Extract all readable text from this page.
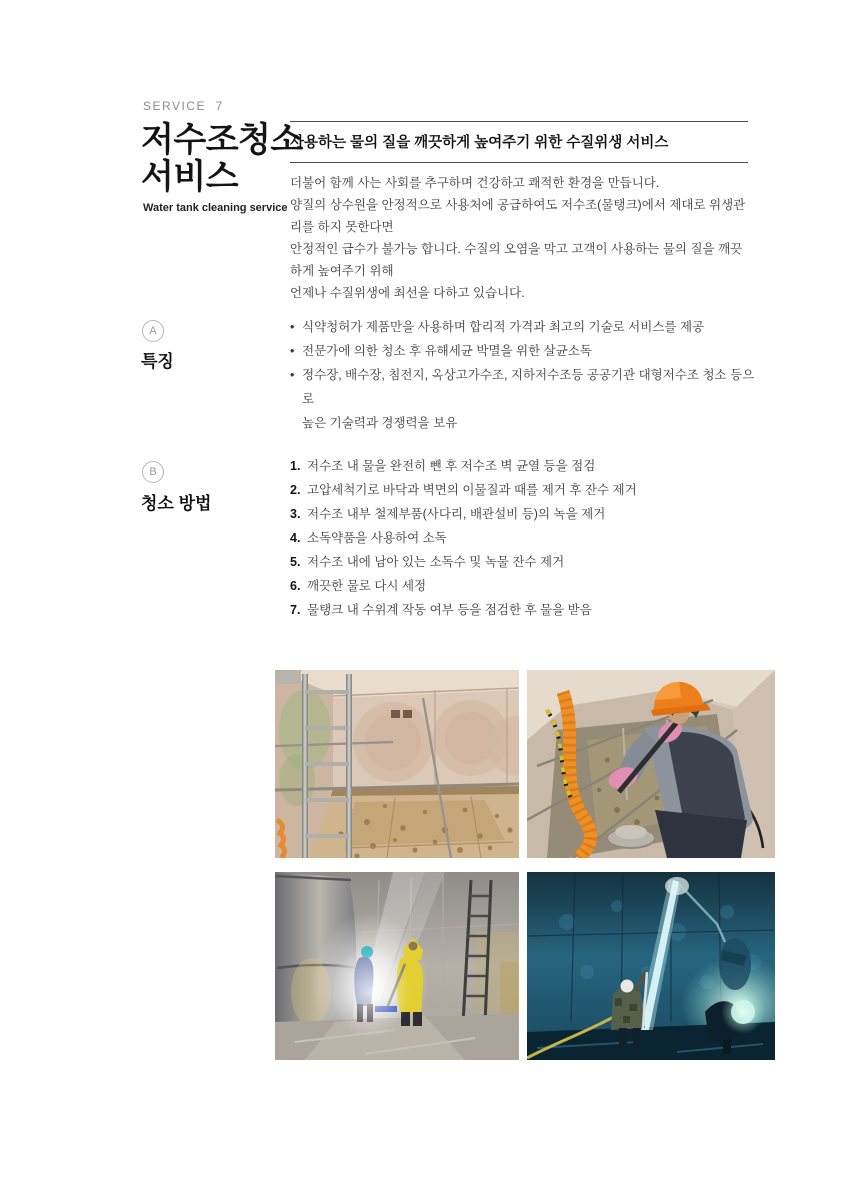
SERVICE  7
저수조청소
서비스
Water tank cleaning service
사용하는 물의 질을 깨끗하게 높여주기 위한 수질위생 서비스
더불어 함께 사는 사회를 추구하며 건강하고 쾌적한 환경을 만듭니다.
양질의 상수원을 안정적으로 사용처에 공급하여도 저수조(물탱크)에서 제대로 위생관리를 하지 못한다면
안정적인 급수가 불가능 합니다. 수질의 오염을 막고 고객이 사용하는 물의 질을 깨끗하게 높여주기 위해
언제나 수질위생에 최선을 다하고 있습니다.
A
특징
• 식약청허가 제품만을 사용하며 합리적 가격과 최고의 기술로 서비스를 제공
• 전문가에 의한 청소 후 유해세균 박멸을 위한 살균소독
• 정수장, 배수장, 침전지, 옥상고가수조, 지하저수조등 공공기관 대형저수조 청소 등으로
높은 기술력과 경쟁력을 보유
B
청소 방법
1. 저수조 내 물을 완전히 뺀 후 저수조 벽 균열 등을 점검
2. 고압세척기로 바닥과 벽면의 이물질과 때를 제거 후 잔수 제거
3. 저수조 내부 철제부품(사다리, 배관설비 등)의 녹을 제거
4. 소독약품을 사용하여 소독
5. 저수조 내에 남아 있는 소독수 및 녹물 잔수 제거
6. 깨끗한 물로 다시 세정
7. 물탱크 내 수위계 작동 여부 등을 점검한 후 물을 받음
